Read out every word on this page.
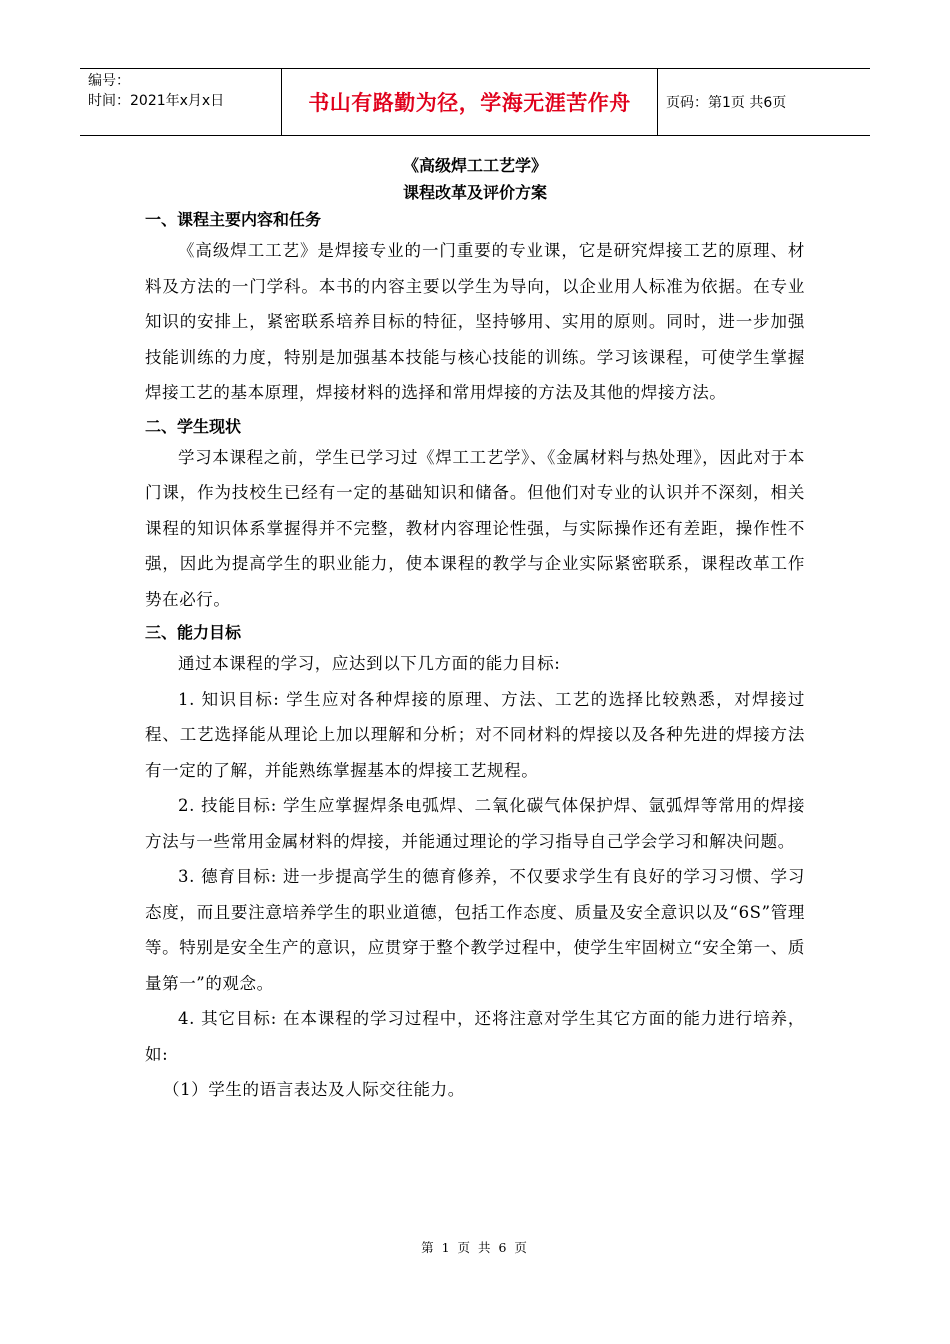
编号：
时间：2021年x月x日	书山有路勤为径，学海无涯苦作舟	页码：第1页 共6页
《高级焊工工艺学》
课程改革及评价方案
一、课程主要内容和任务

《高级焊工工艺》是焊接专业的一门重要的专业课，它是研究焊接工艺的原理、材料及方法的一门学科。本书的内容主要以学生为导向，以企业用人标准为依据。在专业知识的安排上，紧密联系培养目标的特征，坚持够用、实用的原则。同时，进一步加强技能训练的力度，特别是加强基本技能与核心技能的训练。学习该课程，可使学生掌握焊接工艺的基本原理，焊接材料的选择和常用焊接的方法及其他的焊接方法。

二、学生现状

学习本课程之前，学生已学习过《焊工工艺学》、《金属材料与热处理》，因此对于本门课，作为技校生已经有一定的基础知识和储备。但他们对专业的认识并不深刻，相关课程的知识体系掌握得并不完整，教材内容理论性强，与实际操作还有差距，操作性不强，因此为提高学生的职业能力，使本课程的教学与企业实际紧密联系，课程改革工作势在必行。

三、能力目标

通过本课程的学习，应达到以下几方面的能力目标:

1. 知识目标: 学生应对各种焊接的原理、方法、工艺的选择比较熟悉，对焊接过程、工艺选择能从理论上加以理解和分析；对不同材料的焊接以及各种先进的焊接方法有一定的了解，并能熟练掌握基本的焊接工艺规程。

2. 技能目标: 学生应掌握焊条电弧焊、二氧化碳气体保护焊、氩弧焊等常用的焊接方法与一些常用金属材料的焊接，并能通过理论的学习指导自己学会学习和解决问题。

3. 德育目标: 进一步提高学生的德育修养，不仅要求学生有良好的学习习惯、学习态度，而且要注意培养学生的职业道德，包括工作态度、质量及安全意识以及“6S”管理等。特别是安全生产的意识，应贯穿于整个教学过程中，使学生牢固树立“安全第一、质量第一”的观念。

4. 其它目标: 在本课程的学习过程中，还将注意对学生其它方面的能力进行培养，如:

（1）学生的语言表达及人际交往能力。

第 1 页 共 6 页
